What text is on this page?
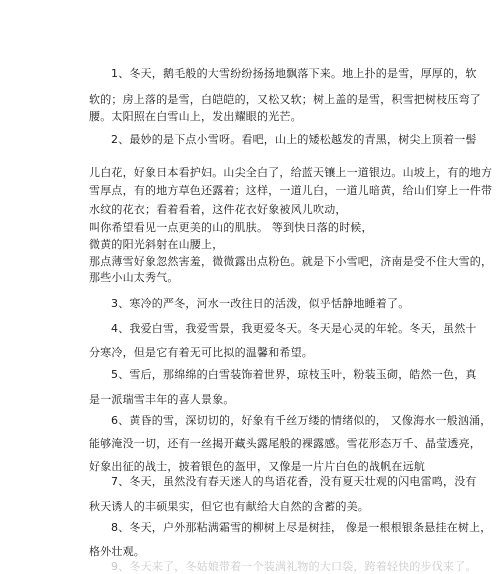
1、冬天，鹅毛般的大雪纷纷扬扬地飘落下来。地上扑的是雪，厚厚的，软
软的；房上落的是雪，白皑皑的，又松又软；树上盖的是雪，积雪把树枝压弯了
腰。太阳照在白雪山上，发出耀眼的光芒。
2、最妙的是下点小雪呀。看吧，山上的矮松越发的青黑，树尖上顶着一髻
儿白花，好象日本看护妇。山尖全白了，给蓝天镶上一道银边。山坡上，有的地方
雪厚点，有的地方草色还露着；这样，一道儿白，一道儿暗黄，给山们穿上一件带
水纹的花衣；看着看着，这件花衣好象被风儿吹动，
叫你希望看见一点更美的山的肌肤。 等到快日落的时候，
微黄的阳光斜射在山腰上，
那点薄雪好象忽然害羞，微微露出点粉色。就是下小雪吧，济南是受不住大雪的，
那些小山太秀气。
3、寒冷的严冬，河水一改往日的活泼，似乎恬静地睡着了。
4、我爱白雪，我爱雪景，我更爱冬天。冬天是心灵的年轮。冬天，虽然十
分寒冷，但是它有着无可比拟的温馨和希望。
5、雪后，那绵绵的白雪装饰着世界，琼枝玉叶，粉装玉砌，皓然一色，真
是一派瑞雪丰年的喜人景象。
6、黄昏的雪，深切切的，好象有千丝万缕的情绪似的， 又像海水一般汹涌，
能够淹没一切，还有一丝揭开藏头露尾般的裸露感。雪花形态万千、晶莹透亮，
好象出征的战士，披着银色的盔甲，又像是一片片白色的战帆在远航
7、冬天，虽然没有春天迷人的鸟语花香，没有夏天壮观的闪电雷鸣，没有
秋天诱人的丰硕果实，但它也有献给大自然的含蓄的美。
8、冬天，户外那粘满霜雪的柳树上尽是树挂， 像是一根根银条悬挂在树上，
格外壮观。
9、冬天来了，冬姑娘带着一个装满礼物的大口袋，跨着轻快的步伐来了。
